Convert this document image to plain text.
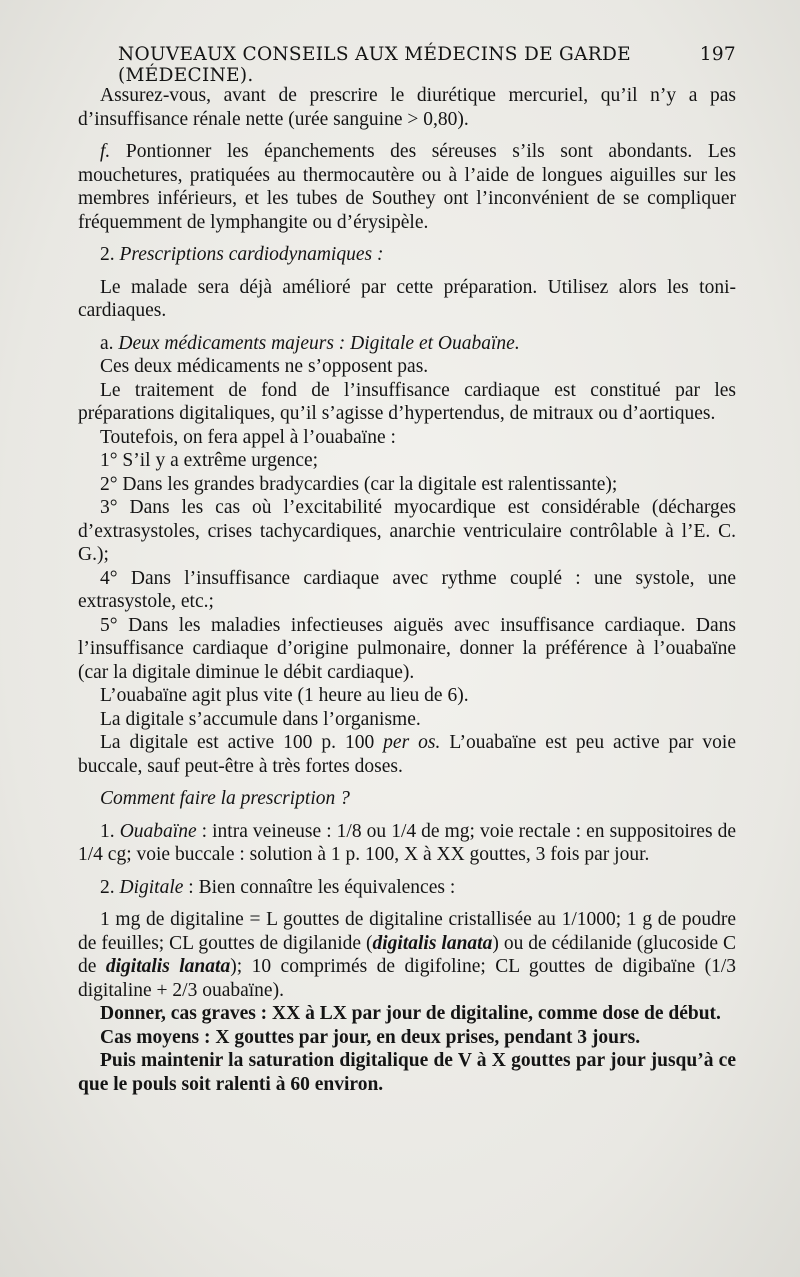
NOUVEAUX CONSEILS AUX MÉDECINS DE GARDE (MÉDECINE).
197

Assurez-vous, avant de prescrire le diurétique mercuriel, qu’il n’y a pas d’insuffisance rénale nette (urée sanguine > 0,80).

f. Pontionner les épanchements des séreuses s’ils sont abondants. Les mouchetures, pratiquées au thermocautère ou à l’aide de longues aiguilles sur les membres inférieurs, et les tubes de Southey ont l’inconvénient de se compliquer fréquemment de lymphangite ou d’érysipèle.

2. Prescriptions cardiodynamiques :

Le malade sera déjà amélioré par cette préparation. Utilisez alors les toni-cardiaques.

a. Deux médicaments majeurs : Digitale et Ouabaïne.

Ces deux médicaments ne s’opposent pas.

Le traitement de fond de l’insuffisance cardiaque est constitué par les préparations digitaliques, qu’il s’agisse d’hypertendus, de mitraux ou d’aortiques.

Toutefois, on fera appel à l’ouabaïne :

1° S’il y a extrême urgence;

2° Dans les grandes bradycardies (car la digitale est ralentissante);

3° Dans les cas où l’excitabilité myocardique est considérable (décharges d’extrasystoles, crises tachycardiques, anarchie ventriculaire contrôlable à l’E. C. G.);

4° Dans l’insuffisance cardiaque avec rythme couplé : une systole, une extrasystole, etc.;

5° Dans les maladies infectieuses aiguës avec insuffisance cardiaque. Dans l’insuffisance cardiaque d’origine pulmonaire, donner la préférence à l’ouabaïne (car la digitale diminue le débit cardiaque).

L’ouabaïne agit plus vite (1 heure au lieu de 6).

La digitale s’accumule dans l’organisme.

La digitale est active 100 p. 100 per os. L’ouabaïne est peu active par voie buccale, sauf peut-être à très fortes doses.

Comment faire la prescription ?

1. Ouabaïne : intra veineuse : 1/8 ou 1/4 de mg; voie rectale : en suppositoires de 1/4 cg; voie buccale : solution à 1 p. 100, X à XX gouttes, 3 fois par jour.

2. Digitale : Bien connaître les équivalences :

1 mg de digitaline = L gouttes de digitaline cristallisée au 1/1000; 1 g de poudre de feuilles; CL gouttes de digilanide (digitalis lanata) ou de cédilanide (glucoside C de digitalis lanata); 10 comprimés de digifoline; CL gouttes de digibaïne (1/3 digitaline + 2/3 ouabaïne).

Donner, cas graves : XX à LX par jour de digitaline, comme dose de début.

Cas moyens : X gouttes par jour, en deux prises, pendant 3 jours.

Puis maintenir la saturation digitalique de V à X gouttes par jour jusqu’à ce que le pouls soit ralenti à 60 environ.
